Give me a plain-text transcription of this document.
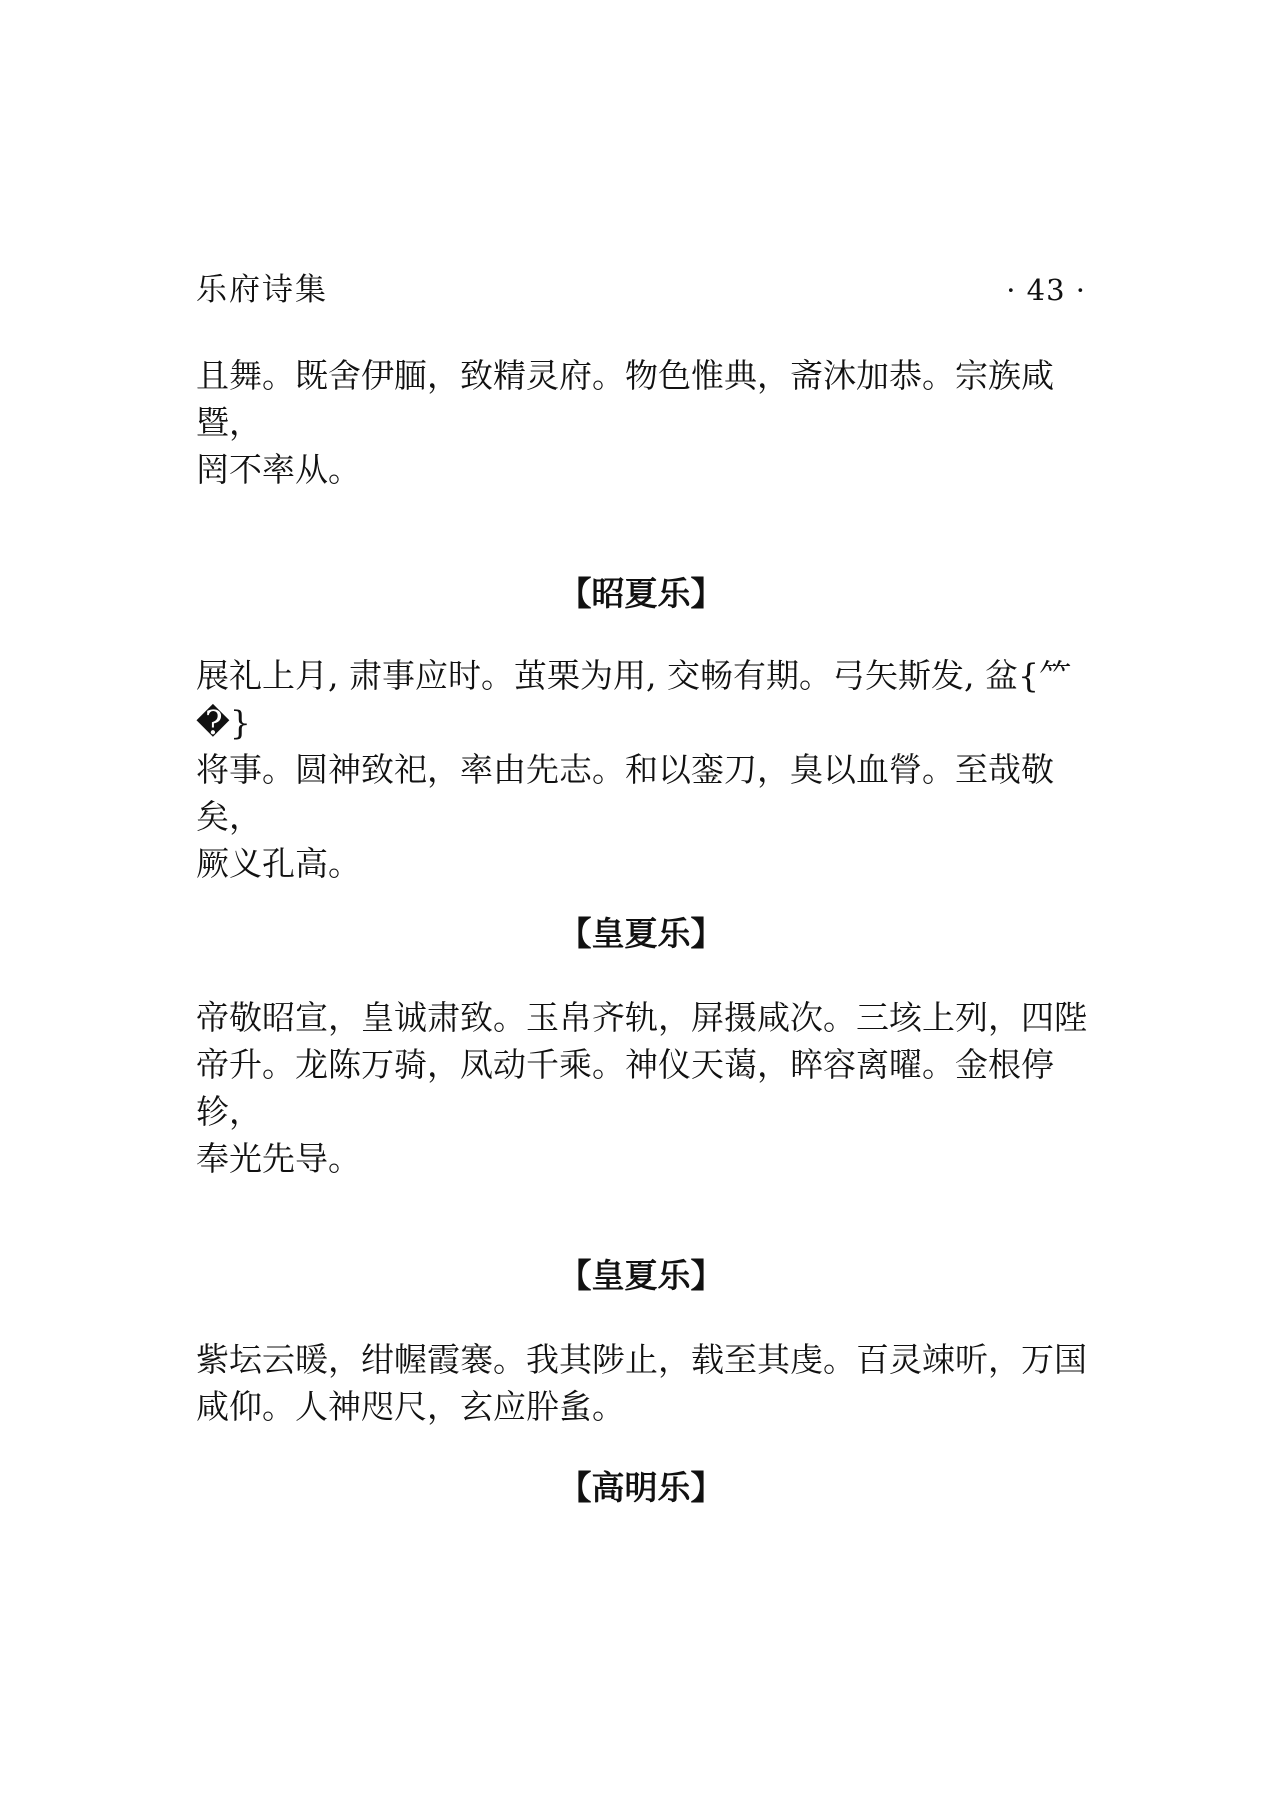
乐府诗集	· 43 ·

且舞。既舍伊腼，致精灵府。物色惟典，斋沐加恭。宗族咸暨，
罔不率从。

【昭夏乐】

展礼上月, 肃事应时。茧栗为用, 交畅有期。弓矢斯发, 盆{⺮�}
将事。圆神致祀，率由先志。和以銮刀，臭以血膋。至哉敬矣，
厥义孔高。

【皇夏乐】

帝敬昭宣，皇诚肃致。玉帛齐轨，屏摄咸次。三垓上列，四陛
帝升。龙陈万骑，凤动千乘。神仪天蔼，睟容离曜。金根停轸，
奉光先导。

【皇夏乐】

紫坛云暖，绀幄霞褰。我其陟止，载至其虔。百灵竦听，万国
咸仰。人神咫尺，玄应肸蚃。

【高明乐】
